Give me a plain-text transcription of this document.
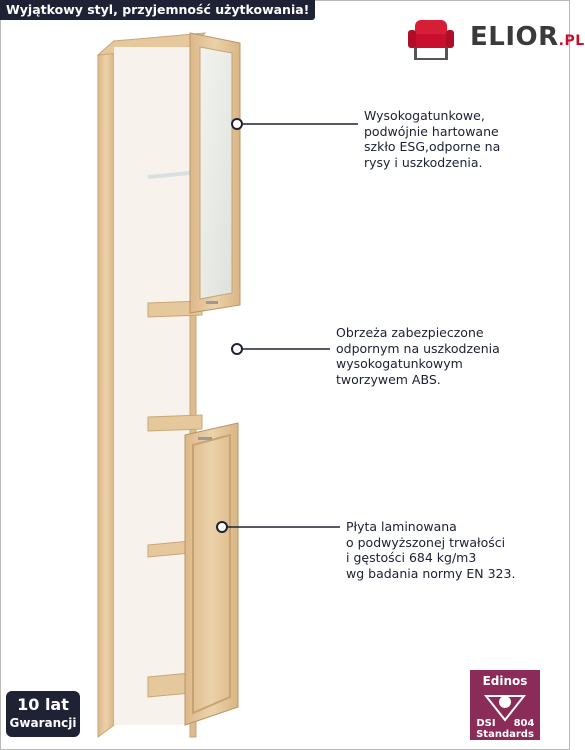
Wyjątkowy styl, przyjemność użytkowania!
ELIOR.PL
Wysokogatunkowe,
podwójnie hartowane
szkło ESG,odporne na
rysy i uszkodzenia.
Obrzeża zabezpieczone
odpornym na uszkodzenia
wysokogatunkowym
tworzywem ABS.
Płyta laminowana
o podwyższonej trwałości
i gęstości 684 kg/m3
wg badania normy EN 323.
10 lat
Gwarancji
Edinos
DSI 804
Standards
